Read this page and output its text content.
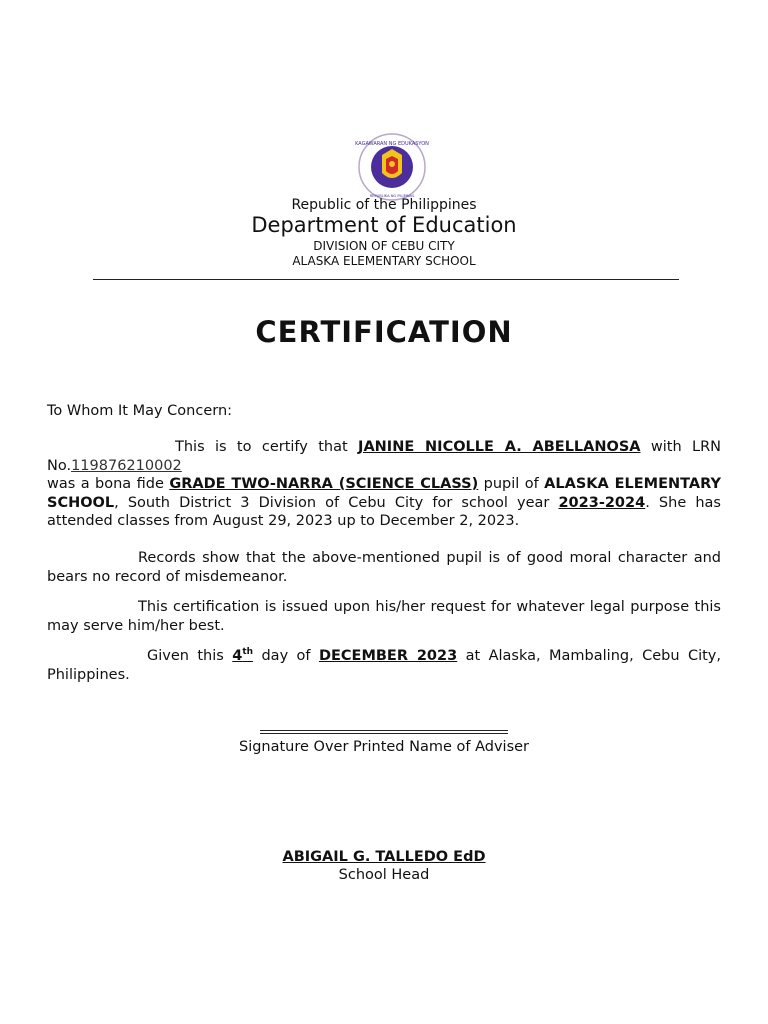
KAGAWARAN NG EDUKASYON
REPUBLIKA NG PILIPINAS
Republic of the Philippines
Department of Education
DIVISION OF CEBU CITY
ALASKA ELEMENTARY SCHOOL
CERTIFICATION
To Whom It May Concern:
This is to certify that JANINE NICOLLE A. ABELLANOSA with LRN No.119876210002
was a bona fide GRADE TWO-NARRA (SCIENCE CLASS) pupil of ALASKA ELEMENTARY SCHOOL, South District 3 Division of Cebu City for school year 2023-2024. She has attended classes from August 29, 2023 up to December 2, 2023.
Records show that the above-mentioned pupil is of good moral character and bears no record of misdemeanor.
This certification is issued upon his/her request for whatever legal purpose this may serve him/her best.
Given this 4th day of DECEMBER 2023 at Alaska, Mambaling, Cebu City, Philippines.
Signature Over Printed Name of Adviser
ABIGAIL G. TALLEDO EdD
School Head
